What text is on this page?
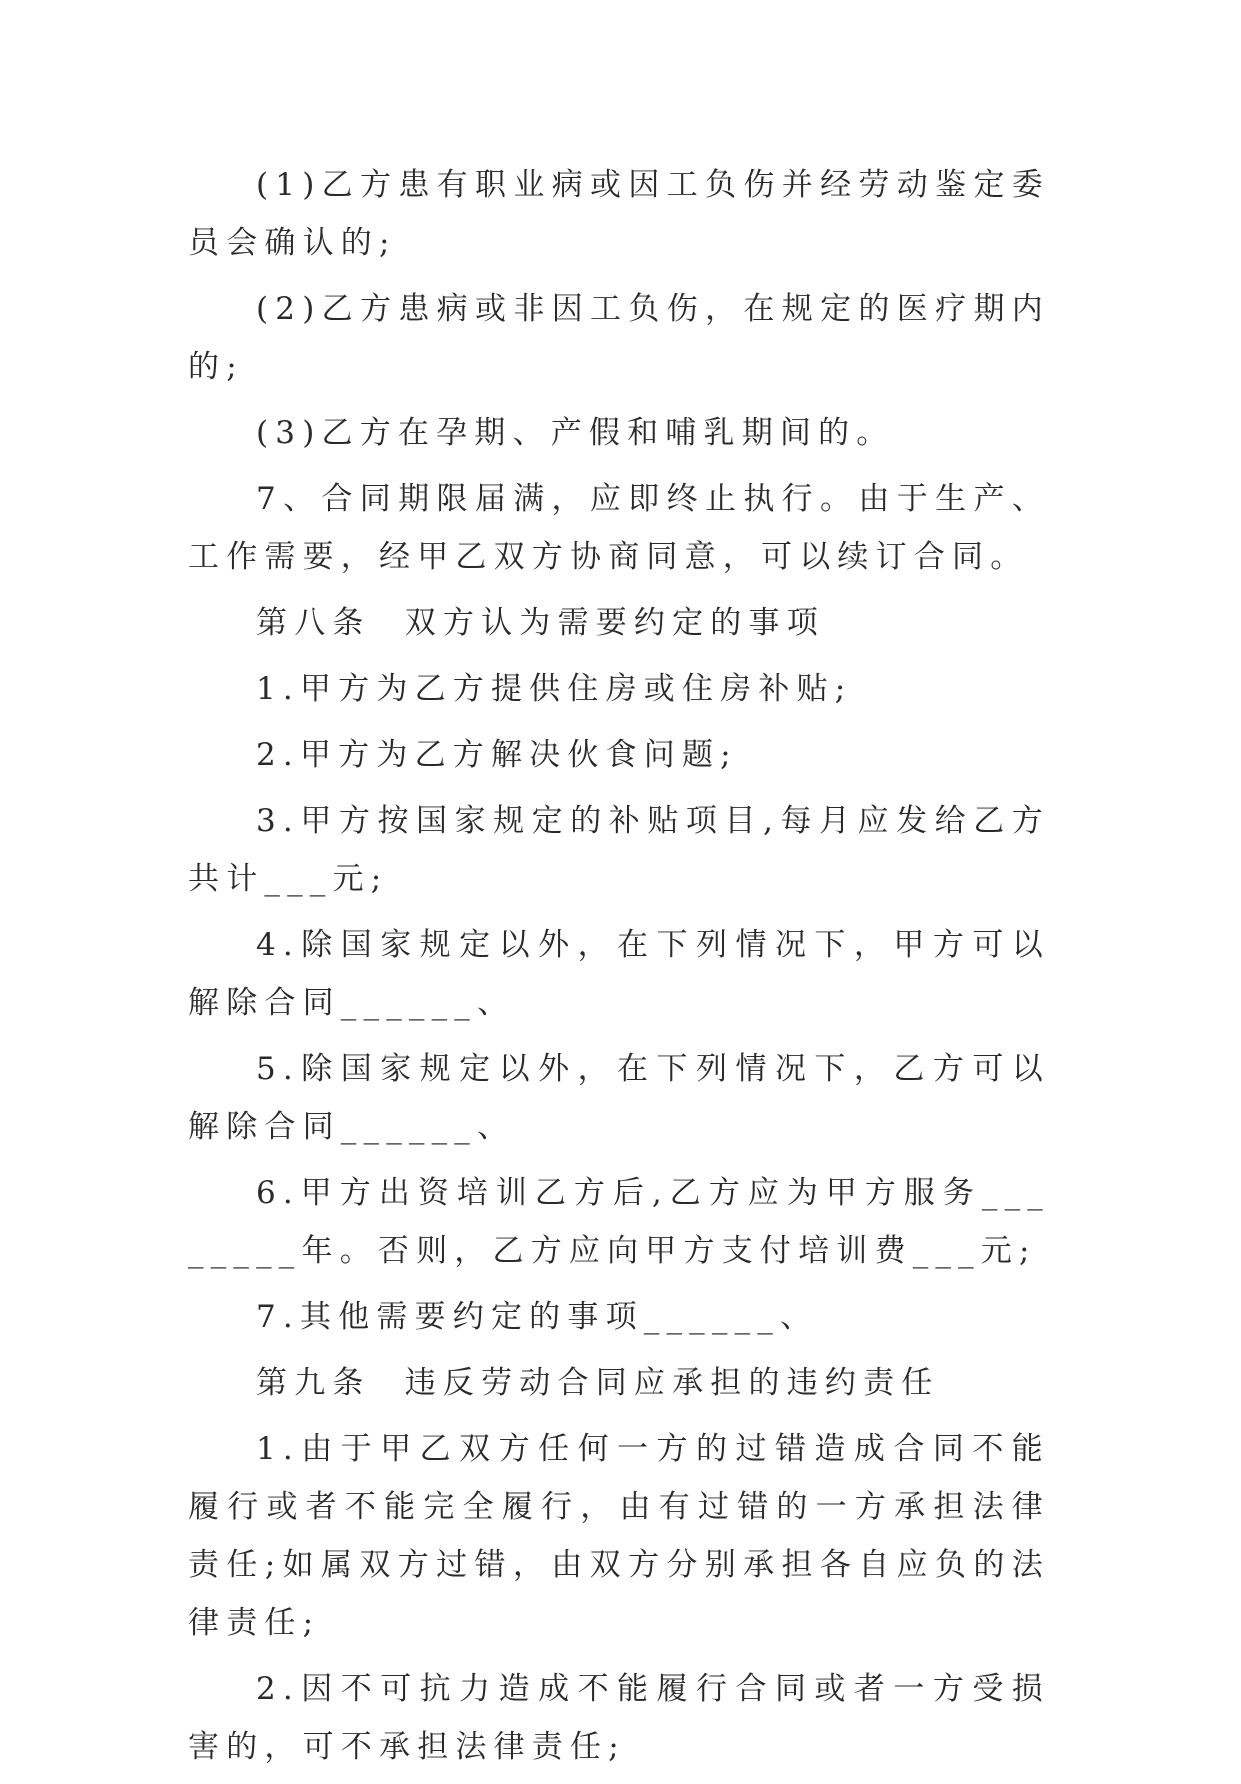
(1)乙方患有职业病或因工负伤并经劳动鉴定委员会确认的;

(2)乙方患病或非因工负伤，在规定的医疗期内的;

(3)乙方在孕期、产假和哺乳期间的。

7、合同期限届满，应即终止执行。由于生产、工作需要，经甲乙双方协商同意，可以续订合同。

第八条  双方认为需要约定的事项

1.甲方为乙方提供住房或住房补贴;

2.甲方为乙方解决伙食问题;

3.甲方按国家规定的补贴项目,每月应发给乙方共计___元;

4.除国家规定以外，在下列情况下，甲方可以解除合同______、

5.除国家规定以外，在下列情况下，乙方可以解除合同______、

6.甲方出资培训乙方后,乙方应为甲方服务________年。否则，乙方应向甲方支付培训费___元;

7.其他需要约定的事项______、

第九条  违反劳动合同应承担的违约责任

1.由于甲乙双方任何一方的过错造成合同不能履行或者不能完全履行，由有过错的一方承担法律责任;如属双方过错，由双方分别承担各自应负的法律责任;

2.因不可抗力造成不能履行合同或者一方受损害的，可不承担法律责任;
